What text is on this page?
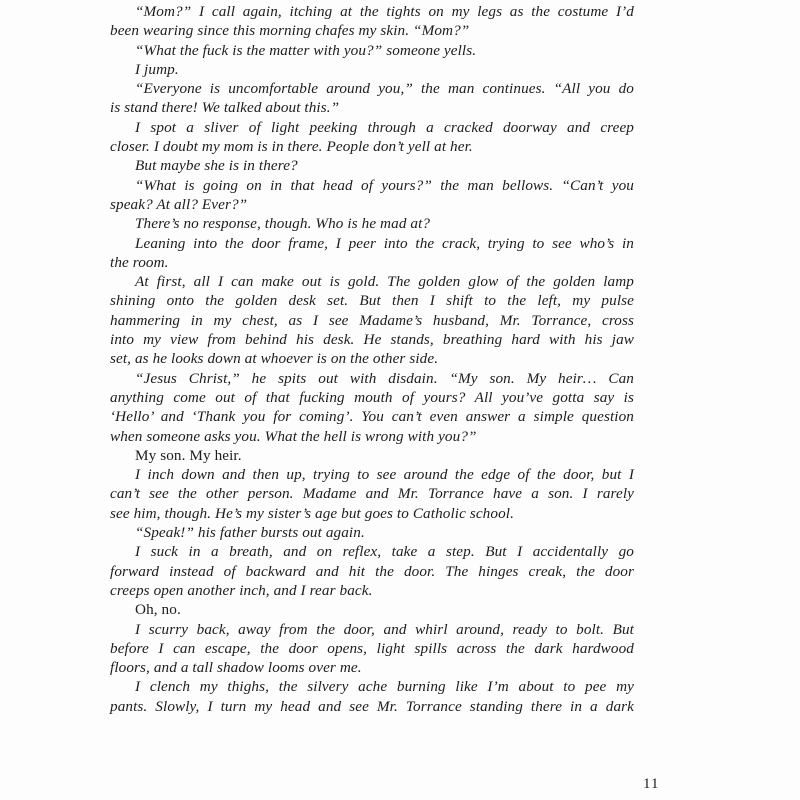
“Mom?” I call again, itching at the tights on my legs as the costume I’d
been wearing since this morning chafes my skin. “Mom?”
“What the fuck is the matter with you?” someone yells.
I jump.
“Everyone is uncomfortable around you,” the man continues. “All you do
is stand there! We talked about this.”
I spot a sliver of light peeking through a cracked doorway and creep
closer. I doubt my mom is in there. People don’t yell at her.
But maybe she is in there?
“What is going on in that head of yours?” the man bellows. “Can’t you
speak? At all? Ever?”
There’s no response, though. Who is he mad at?
Leaning into the door frame, I peer into the crack, trying to see who’s in
the room.
At first, all I can make out is gold. The golden glow of the golden lamp
shining onto the golden desk set. But then I shift to the left, my pulse
hammering in my chest, as I see Madame’s husband, Mr. Torrance, cross
into my view from behind his desk. He stands, breathing hard with his jaw
set, as he looks down at whoever is on the other side.
“Jesus Christ,” he spits out with disdain. “My son. My heir… Can
anything come out of that fucking mouth of yours? All you’ve gotta say is
‘Hello’ and ‘Thank you for coming’. You can’t even answer a simple question
when someone asks you. What the hell is wrong with you?”
My son. My heir.
I inch down and then up, trying to see around the edge of the door, but I
can’t see the other person. Madame and Mr. Torrance have a son. I rarely
see him, though. He’s my sister’s age but goes to Catholic school.
“Speak!” his father bursts out again.
I suck in a breath, and on reflex, take a step. But I accidentally go
forward instead of backward and hit the door. The hinges creak, the door
creeps open another inch, and I rear back.
Oh, no.
I scurry back, away from the door, and whirl around, ready to bolt. But
before I can escape, the door opens, light spills across the dark hardwood
floors, and a tall shadow looms over me.
I clench my thighs, the silvery ache burning like I’m about to pee my
pants. Slowly, I turn my head and see Mr. Torrance standing there in a dark
11
